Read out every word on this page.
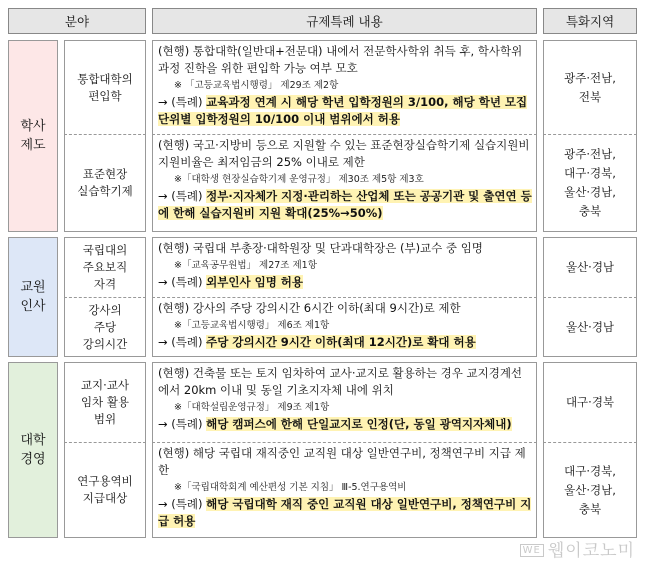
분야	규제특례 내용	특화지역
학사
제도
통합대학의
편입학
(현행) 통합대학(일반대+전문대) 내에서 전문학사학위 취득 후, 학사학위과정 진학을 위한 편입학 가능 여부 모호
※ 「고등교육법시행령」 제29조 제2항
→ (특례) 교육과정 연계 시 해당 학년 입학정원의 3/100, 해당 학년 모집단위별 입학정원의 10/100 이내 범위에서 허용
광주·전남,
전북
표준현장
실습학기제
(현행) 국고·지방비 등으로 지원할 수 있는 표준현장실습학기제 실습지원비 지원비율은 최저임금의 25% 이내로 제한
※「대학생 현장실습학기제 운영규정」 제30조 제5항 제3호
→ (특례) 정부·지자체가 지정·관리하는 산업체 또는 공공기관 및 출연연 등에 한해 실습지원비 지원 확대(25%→50%)
광주·전남,
대구·경북,
울산·경남,
충북
교원
인사
국립대의
주요보직
자격
(현행) 국립대 부총장·대학원장 및 단과대학장은 (부)교수 중 임명
※「교육공무원법」 제27조 제1항
→ (특례) 외부인사 임명 허용
울산·경남
강사의
주당
강의시간
(현행) 강사의 주당 강의시간 6시간 이하(최대 9시간)로 제한
※「고등교육법시행령」 제6조 제1항
→ (특례) 주당 강의시간 9시간 이하(최대 12시간)로 확대 허용
울산·경남
대학
경영
교지·교사
임차 활용
범위
(현행) 건축물 또는 토지 임차하여 교사·교지로 활용하는 경우 교지경계선에서 20km 이내 및 동일 기초지자체 내에 위치
※「대학설립운영규정」 제9조 제1항
→ (특례) 해당 캠퍼스에 한해 단일교지로 인정(단, 동일 광역지자체내)
대구·경북
연구용역비
지급대상
(현행) 해당 국립대 재직중인 교직원 대상 일반연구비, 정책연구비 지급 제한
※「국립대학회계 예산편성 기본 지침」 Ⅲ-5.연구용역비
→ (특례) 해당 국립대학 재직 중인 교직원 대상 일반연구비, 정책연구비 지급 허용
대구·경북,
울산·경남,
충북
WE 웹이코노미
